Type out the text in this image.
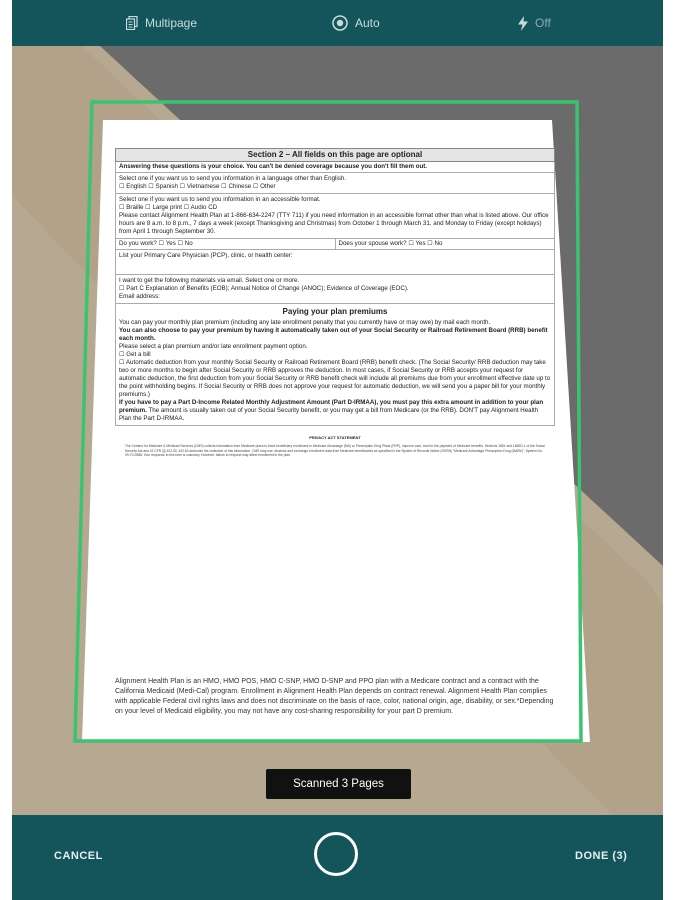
Multipage	Auto	Off
Section 2 – All fields on this page are optional
Answering these questions is your choice. You can't be denied coverage because you don't fill them out.
Select one if you want us to send you information in a language other than English.
☐ English ☐ Spanish ☐ Vietnamese ☐ Chinese ☐ Other
Select one if you want us to send you information in an accessible format.
☐ Braille ☐ Large print ☐ Audio CD
Please contact Alignment Health Plan at 1-866-634-2247 (TTY 711) if you need information in an accessible format other than what is listed above. Our office hours are 8 a.m. to 8 p.m., 7 days a week (except Thanksgiving and Christmas) from October 1 through March 31, and Monday to Friday (except holidays) from April 1 through September 30.
Do you work? ☐ Yes ☐ No	Does your spouse work? ☐ Yes ☐ No
List your Primary Care Physician (PCP), clinic, or health center:
I want to get the following materials via email. Select one or more.
☐ Part C Explanation of Benefits (EOB); Annual Notice of Change (ANOC); Evidence of Coverage (EOC).
Email address:
Paying your plan premiums
You can pay your monthly plan premium (including any late enrollment penalty that you currently have or may owe) by mail each month.
You can also choose to pay your premium by having it automatically taken out of your Social Security or Railroad Retirement Board (RRB) benefit each month.
Please select a plan premium and/or late enrollment payment option.
☐ Get a bill
☐ Automatic deduction from your monthly Social Security or Railroad Retirement Board (RRB) benefit check. (The Social Security/ RRB deduction may take two or more months to begin after Social Security or RRB approves the deduction. In most cases, if Social Security or RRB accepts your request for automatic deduction, the first deduction from your Social Security or RRB benefit check will include all premiums due from your enrollment effective date up to the point withholding begins. If Social Security or RRB does not approve your request for automatic deduction, we will send you a paper bill for your monthly premiums.)
If you have to pay a Part D-Income Related Monthly Adjustment Amount (Part D-IRMAA), you must pay this extra amount in addition to your plan premium. The amount is usually taken out of your Social Security benefit, or you may get a bill from Medicare (or the RRB). DON'T pay Alignment Health Plan the Part D-IRMAA.
PRIVACY ACT STATEMENT
The Centers for Medicare & Medicaid Services (CMS) collects information from Medicare plans to track beneficiary enrollment in Medicare Advantage (MA) or Prescription Drug Plans (PDP), improve care, and for the payment of Medicare benefits. Sections 1851 and 1860D-1 of the Social Security Act and 42 CFR §§ 422.50, 422.60 authorize the collection of this information. CMS may use, disclose and exchange enrollment data from Medicare beneficiaries as specified in the System of Records Notice (SORN) “Medicare Advantage Prescription Drug (MARx)”, System No. 09-70-0588. Your response to this form is voluntary. However, failure to respond may affect enrollment in the plan.
Alignment Health Plan is an HMO, HMO POS, HMO C-SNP, HMO D-SNP and PPO plan with a Medicare contract and a contract with the California Medicaid (Medi-Cal) program. Enrollment in Alignment Health Plan depends on contract renewal. Alignment Health Plan complies with applicable Federal civil rights laws and does not discriminate on the basis of race, color, national origin, age, disability, or sex.*Depending on your level of Medicaid eligibility, you may not have any cost-sharing responsibility for your part D premium.
Scanned 3 Pages
CANCEL	DONE (3)
